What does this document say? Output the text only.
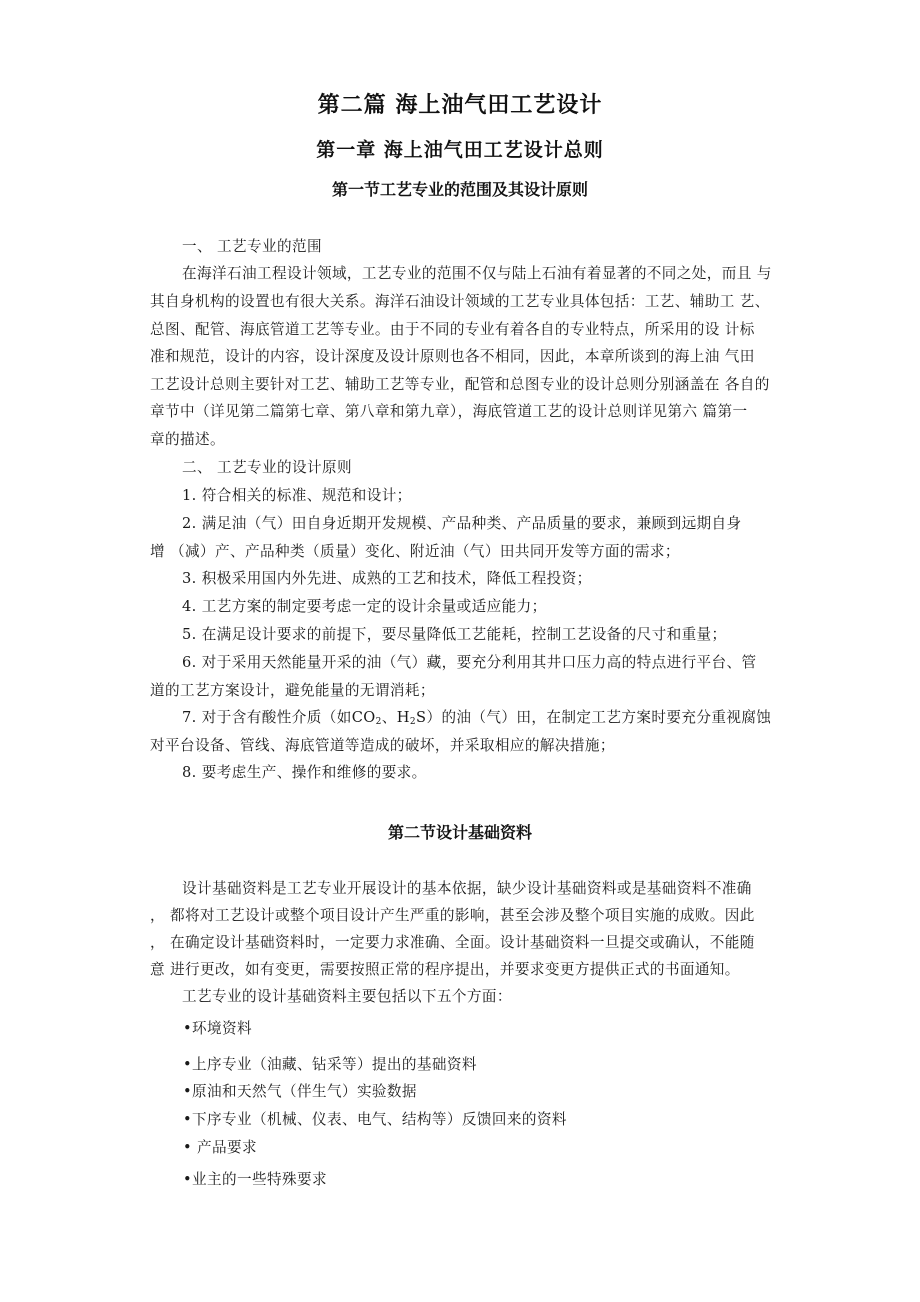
第二篇 海上油气田工艺设计
第一章 海上油气田工艺设计总则
第一节工艺专业的范围及其设计原则
一、 工艺专业的范围
在海洋石油工程设计领域，工艺专业的范围不仅与陆上石油有着显著的不同之处，而且 与
其自身机构的设置也有很大关系。海洋石油设计领域的工艺专业具体包括：工艺、辅助工 艺、
总图、配管、海底管道工艺等专业。由于不同的专业有着各自的专业特点，所采用的设 计标
准和规范，设计的内容，设计深度及设计原则也各不相同，因此，本章所谈到的海上油 气田
工艺设计总则主要针对工艺、辅助工艺等专业，配管和总图专业的设计总则分别涵盖在 各自的
章节中（详见第二篇第七章、第八章和第九章），海底管道工艺的设计总则详见第六 篇第一
章的描述。
二、 工艺专业的设计原则
1. 符合相关的标准、规范和设计；
2. 满足油（气）田自身近期开发规模、产品种类、产品质量的要求，兼顾到远期自身
增 （减）产、产品种类（质量）变化、附近油（气）田共同开发等方面的需求；
3. 积极采用国内外先进、成熟的工艺和技术，降低工程投资；
4. 工艺方案的制定要考虑一定的设计余量或适应能力；
5. 在满足设计要求的前提下，要尽量降低工艺能耗，控制工艺设备的尺寸和重量；
6. 对于采用天然能量开采的油（气）藏，要充分利用其井口压力高的特点进行平台、管
道的工艺方案设计，避免能量的无谓消耗；
7. 对于含有酸性介质（如$CO_2$、$H_2S$）的油（气）田，在制定工艺方案时要充分重视腐蚀
对平台设备、管线、海底管道等造成的破坏，并采取相应的解决措施；
8. 要考虑生产、操作和维修的要求。
第二节设计基础资料
设计基础资料是工艺专业开展设计的基本依据，缺少设计基础资料或是基础资料不准确
， 都将对工艺设计或整个项目设计产生严重的影响，甚至会涉及整个项目实施的成败。因此
， 在确定设计基础资料时，一定要力求准确、全面。设计基础资料一旦提交或确认，不能随
意 进行更改，如有变更，需要按照正常的程序提出，并要求变更方提供正式的书面通知。
工艺专业的设计基础资料主要包括以下五个方面：
•环境资料
•上序专业（油藏、钻采等）提出的基础资料
•原油和天然气（伴生气）实验数据
•下序专业（机械、仪表、电气、结构等）反馈回来的资料
• 产品要求
•业主的一些特殊要求
